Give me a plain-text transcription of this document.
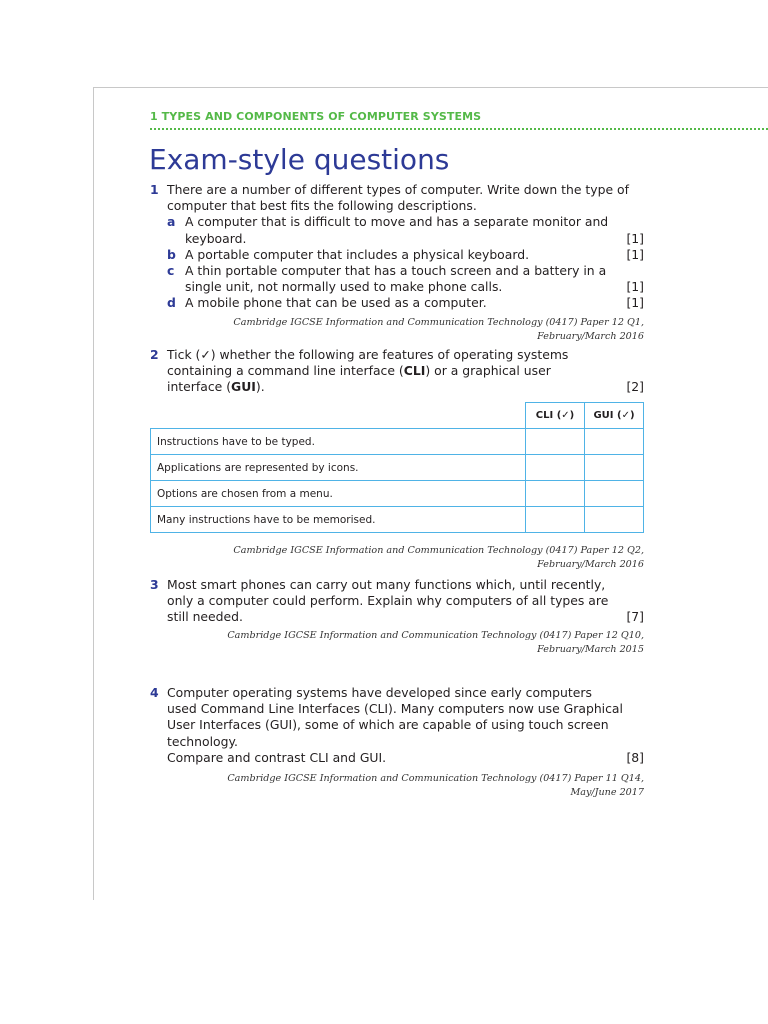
1 TYPES AND COMPONENTS OF COMPUTER SYSTEMS
Exam-style questions
1 There are a number of different types of computer. Write down the type of
computer that best fits the following descriptions.
a A computer that is difficult to move and has a separate monitor and
keyboard.	[1]
b A portable computer that includes a physical keyboard.	[1]
c A thin portable computer that has a touch screen and a battery in a
single unit, not normally used to make phone calls.	[1]
d A mobile phone that can be used as a computer.	[1]
Cambridge IGCSE Information and Communication Technology (0417) Paper 12 Q1,
February/March 2016
2 Tick (✓) whether the following are features of operating systems
containing a command line interface (CLI) or a graphical user
interface (GUI).	[2]
	CLI (✓)	GUI (✓)
Instructions have to be typed.		
Applications are represented by icons.		
Options are chosen from a menu.		
Many instructions have to be memorised.		
Cambridge IGCSE Information and Communication Technology (0417) Paper 12 Q2,
February/March 2016
3 Most smart phones can carry out many functions which, until recently,
only a computer could perform. Explain why computers of all types are
still needed.	[7]
Cambridge IGCSE Information and Communication Technology (0417) Paper 12 Q10,
February/March 2015
4 Computer operating systems have developed since early computers
used Command Line Interfaces (CLI). Many computers now use Graphical
User Interfaces (GUI), some of which are capable of using touch screen
technology.
Compare and contrast CLI and GUI.	[8]
Cambridge IGCSE Information and Communication Technology (0417) Paper 11 Q14,
May/June 2017
